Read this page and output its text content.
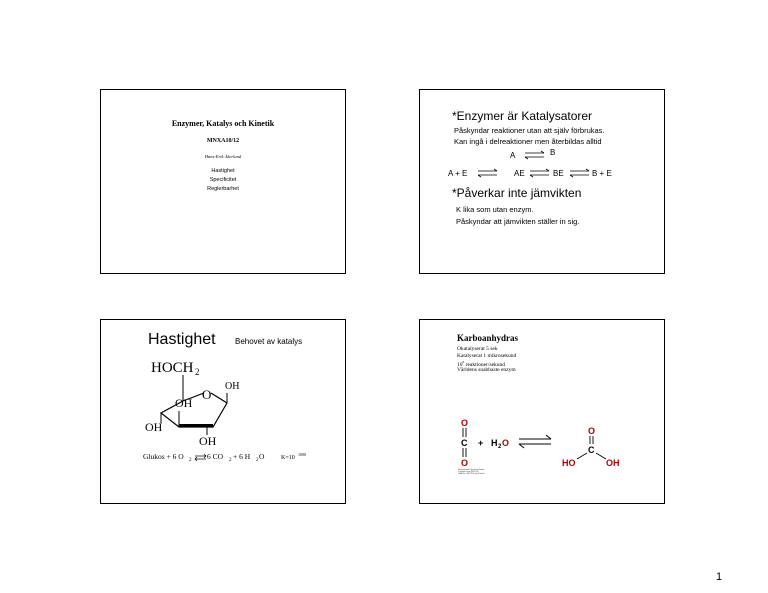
Enzymer, Katalys och Kinetik
MNXA10/12
Hans-Erik Åkerlund
Hastighet
Specificitet
Reglerbarhet
*Enzymer är Katalysatorer
Påskyndar reaktioner utan att själv förbrukas.
Kan ingå i delreaktioner men återbildas alltid
A ⇌ B
A + E ⇌ AE ⇌ BE ⇌ B + E
*Påverkar inte jämvikten
K lika som utan enzym.
Påskyndar att jämvikten ställer in sig.
Hastighet Behovet av katalys
HOCH 2
O
OH
OH
OH
OH
Glukos + 6 O 2 6 CO 2 + 6 H 2 O	K=10
1000
Karboanhydras
Okatalyserat 5 sek
Katalyserat 1 mikrosekund
$10^6$ reaktioner/sekund
Världens snabbaste enzym
O
C
O
+ H 2 O
O
C
HO	OH
International Chemical Safety
Carbonic acid (H2CO3)
CAS No. 463-79-6 (acid form)
1
